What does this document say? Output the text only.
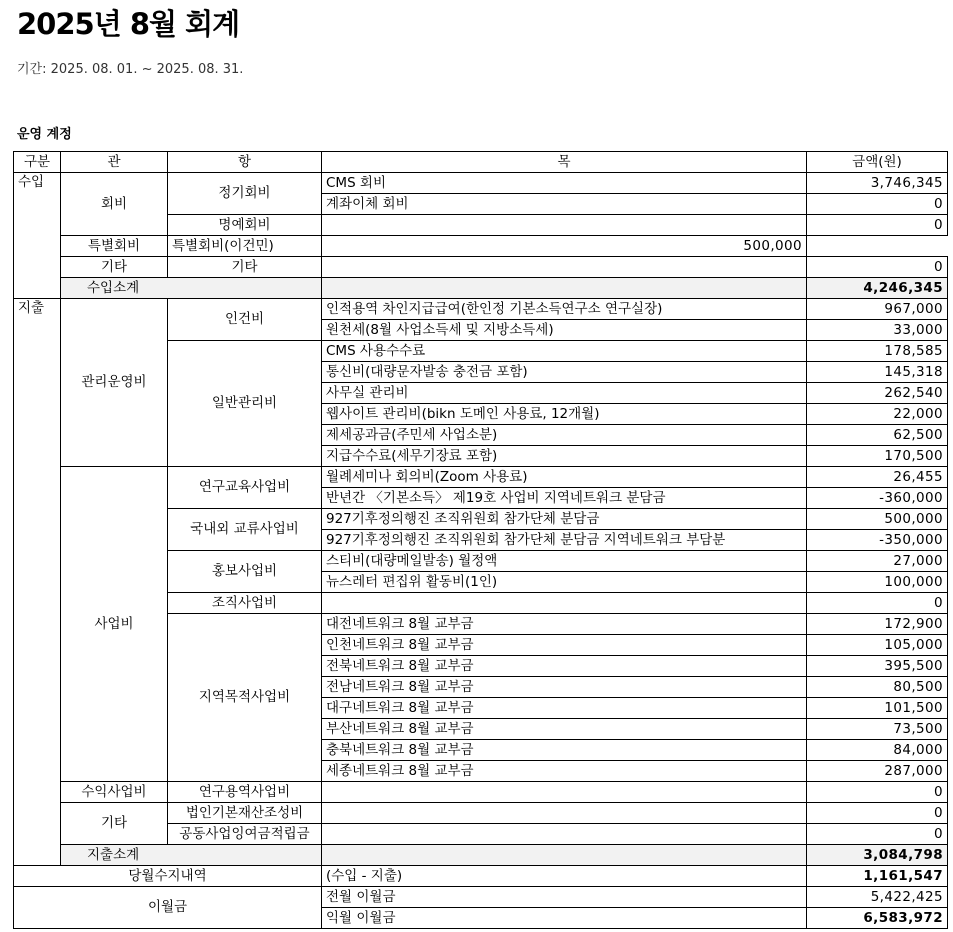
2025년 8월 회계
기간: 2025. 08. 01. ~ 2025. 08. 31.
운영 계정
구분	관	항	목	금액(원)
수입	회비	정기회비	CMS 회비	3,746,345
			계좌이체 회비	0
		명예회비		0
	특별회비	특별회비(이건민)	500,000	
	기타	기타		0
	수입소계			4,246,345
지출	관리운영비	인건비	인적용역 차인지급급여(한인정 기본소득연구소 연구실장)	967,000
			원천세(8월 사업소득세 및 지방소득세)	33,000
		일반관리비	CMS 사용수수료	178,585
			통신비(대량문자발송 충전금 포함)	145,318
			사무실 관리비	262,540
			웹사이트 관리비(bikn 도메인 사용료, 12개월)	22,000
			제세공과금(주민세 사업소분)	62,500
			지급수수료(세무기장료 포함)	170,500
	사업비	연구교육사업비	월례세미나 회의비(Zoom 사용료)	26,455
			반년간 〈기본소득〉 제19호 사업비 지역네트워크 분담금	-360,000
		국내외 교류사업비	927기후정의행진 조직위원회 참가단체 분담금	500,000
			927기후정의행진 조직위원회 참가단체 분담금 지역네트워크 부담분	-350,000
		홍보사업비	스티비(대량메일발송) 월정액	27,000
			뉴스레터 편집위 활동비(1인)	100,000
		조직사업비		0
		지역목적사업비	대전네트워크 8월 교부금	172,900
			인천네트워크 8월 교부금	105,000
			전북네트워크 8월 교부금	395,500
			전남네트워크 8월 교부금	80,500
			대구네트워크 8월 교부금	101,500
			부산네트워크 8월 교부금	73,500
			충북네트워크 8월 교부금	84,000
			세종네트워크 8월 교부금	287,000
	수익사업비	연구용역사업비		0
	기타	법인기본재산조성비		0
		공동사업잉여금적립금		0
	지출소계			3,084,798
당월수지내역			(수입 - 지출)	1,161,547
이월금			전월 이월금	5,422,425
			익월 이월금	6,583,972
